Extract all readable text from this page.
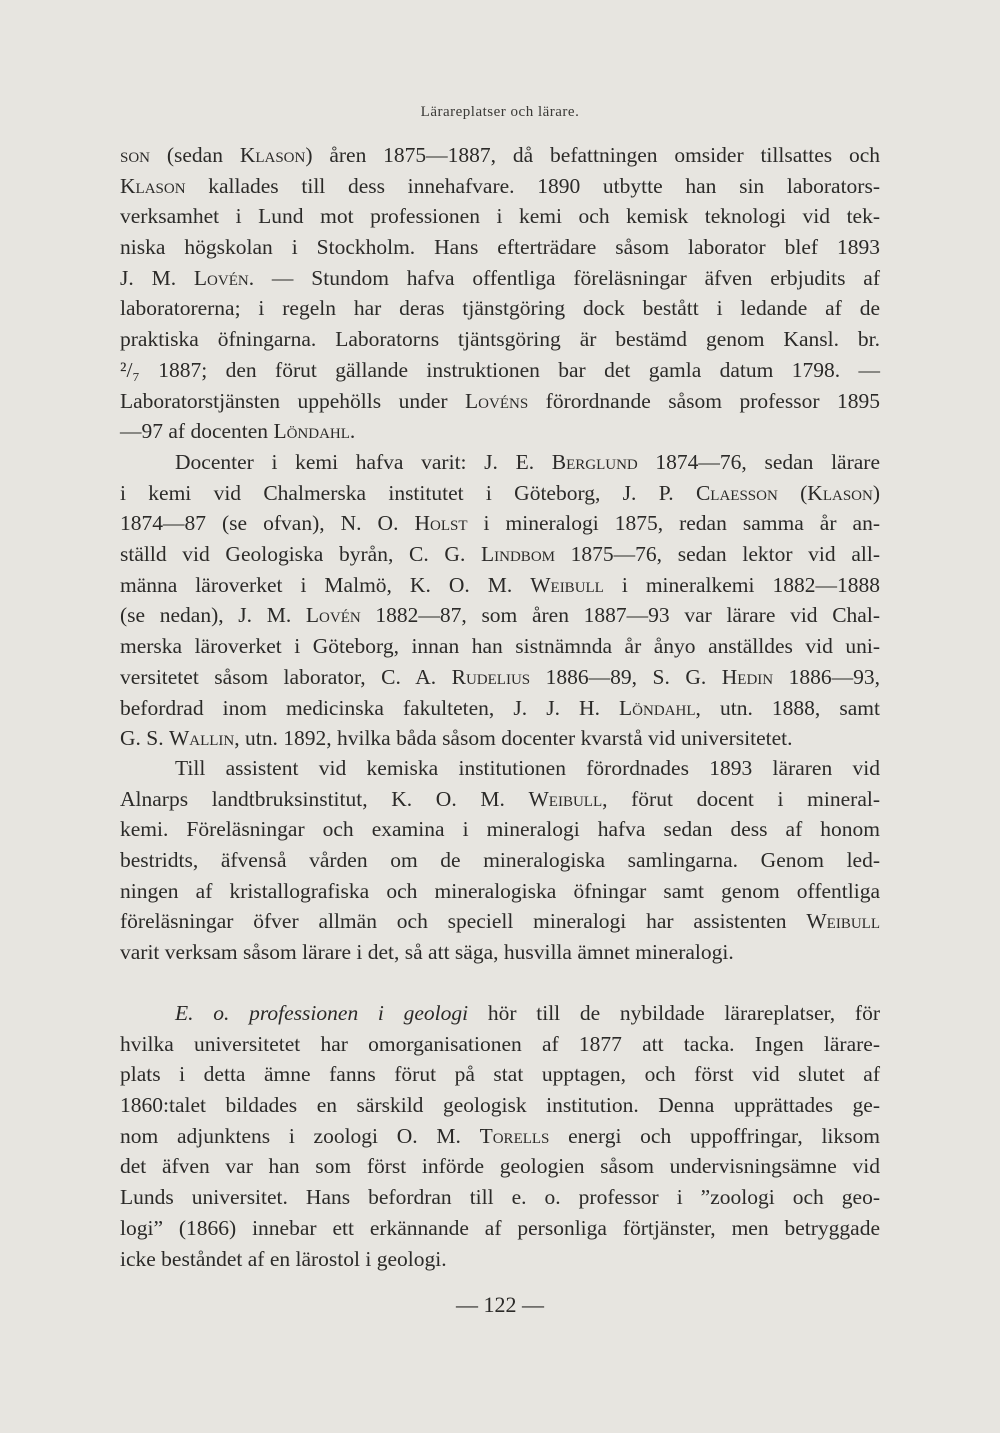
Lärareplatser och lärare.
son (sedan Klason) åren 1875—1887, då befattningen omsider tillsattes och
Klason kallades till dess innehafvare. 1890 utbytte han sin laborators-
verksamhet i Lund mot professionen i kemi och kemisk teknologi vid tek-
niska högskolan i Stockholm. Hans efterträdare såsom laborator blef 1893
J. M. Lovén. — Stundom hafva offentliga föreläsningar äfven erbjudits af
laboratorerna; i regeln har deras tjänstgöring dock bestått i ledande af de
praktiska öfningarna. Laboratorns tjäntsgöring är bestämd genom Kansl. br.
²/₇ 1887; den förut gällande instruktionen bar det gamla datum 1798. —
Laboratorstjänsten uppehölls under Lovéns förordnande såsom professor 1895
—97 af docenten Löndahl.
Docenter i kemi hafva varit: J. E. Berglund 1874—76, sedan lärare
i kemi vid Chalmerska institutet i Göteborg, J. P. Claesson (Klason)
1874—87 (se ofvan), N. O. Holst i mineralogi 1875, redan samma år an-
ställd vid Geologiska byrån, C. G. Lindbom 1875—76, sedan lektor vid all-
männa läroverket i Malmö, K. O. M. Weibull i mineralkemi 1882—1888
(se nedan), J. M. Lovén 1882—87, som åren 1887—93 var lärare vid Chal-
merska läroverket i Göteborg, innan han sistnämnda år ånyo anställdes vid uni-
versitetet såsom laborator, C. A. Rudelius 1886—89, S. G. Hedin 1886—93,
befordrad inom medicinska fakulteten, J. J. H. Löndahl, utn. 1888, samt
G. S. Wallin, utn. 1892, hvilka båda såsom docenter kvarstå vid universitetet.
Till assistent vid kemiska institutionen förordnades 1893 läraren vid
Alnarps landtbruksinstitut, K. O. M. Weibull, förut docent i mineral-
kemi. Föreläsningar och examina i mineralogi hafva sedan dess af honom
bestridts, äfvenså vården om de mineralogiska samlingarna. Genom led-
ningen af kristallografiska och mineralogiska öfningar samt genom offentliga
föreläsningar öfver allmän och speciell mineralogi har assistenten Weibull
varit verksam såsom lärare i det, så att säga, husvilla ämnet mineralogi.
E. o. professionen i geologi hör till de nybildade lärareplatser, för
hvilka universitetet har omorganisationen af 1877 att tacka. Ingen lärare-
plats i detta ämne fanns förut på stat upptagen, och först vid slutet af
1860:talet bildades en särskild geologisk institution. Denna upprättades ge-
nom adjunktens i zoologi O. M. Torells energi och uppoffringar, liksom
det äfven var han som först införde geologien såsom undervisningsämne vid
Lunds universitet. Hans befordran till e. o. professor i ”zoologi och geo-
logi” (1866) innebar ett erkännande af personliga förtjänster, men betryggade
icke beståndet af en lärostol i geologi.
— 122 —
